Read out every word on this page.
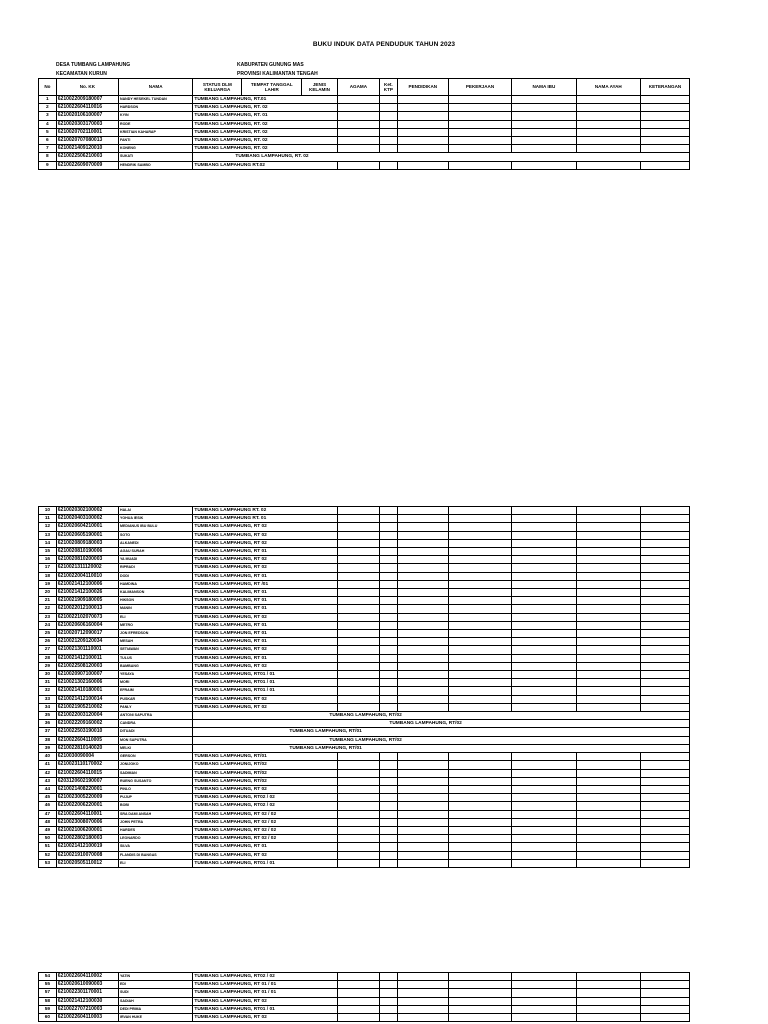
BUKU INDUK DATA PENDUDUK TAHUN 2023
DESA TUMBANG LAMPAHUNG
KECAMATAN KURUN
KABUPATEN GUNUNG MAS
PROVINSI KALIMANTAN TENGAH
No	No. KK	NAMA	STATUS DLM KELUARGA	TEMPAT TANGGAL LAHIR	JENIS KELAMIN	AGAMA	Ket. KTP	PENDIDIKAN	PEKERJAAN	NAMA IBU	NAMA AYAH	KETERANGAN
1	6210022009180007	NANDY HESEKEL TUNDAN	TUMBANG LAMPAHUNG, RT.01									
2	6210022604110016	HARDSON	TUMBANG LAMPAHUNG, RT. 02									
3	6210020106100007	KYIN	TUMBANG LAMPAHUNG, RT. 01									
4	6210020303170003	RODE	TUMBANG LAMPAHUNG, RT. 02									
5	6210020702110001	KRISTIAN KAHARAP	TUMBANG LAMPAHUNG, RT. 02									
6	6210020707080013	FANTI	TUMBANG LAMPAHUNG, RT. 02									
7	6210021409120010	KONENG	TUMBANG LAMPAHUNG, RT. 02									
8	6210022506210003	SUKATI	TUMBANG LAMPAHUNG, RT. 02									

9	6210022609070009	HENDRIK SAMBO	TUMBANG LAMPAHUNG RT.02									
10	6210020302100002	HALAI	TUMBANG LAMPAHUNG RT. 02							
11	6210020403100002	YOHUA IESIK	TUMBANG LAMPAHUNG RT. 01							
12	6210020604210001	MEDIANUS IBU BULU	TUMBANG LAMPAHUNG, RT 02							
13	6210020605190001	SOTO	TUMBANG LAMPAHUNG, RT 02							
14	6210020809180003	ALKANEDI	TUMBANG LAMPAHUNG, RT 02							
15	6210020810190006	AGAU SURAH	TUMBANG LAMPAHUNG, RT 01							
16	6210020810200003	YA MUADI	TUMBANG LAMPAHUNG, RT 02							
17	6210021311120002	RIPRADI	TUMBANG LAMPAHUNG, RT 02							
18	6210022004110010	DODI	TUMBANG LAMPAHUNG, RT 01							
19	6210021412100006	HAMDINA	TUMBANG LAMPAHUNG, RT /01							
20	6210021412100026	KALIMANSON	TUMBANG LAMPAHUNG, RT 01							
21	6210021909180005	HIKSON	TUMBANG LAMPAHUNG, RT 01							
22	6210022012100013	MANIN	TUMBANG LAMPAHUNG, RT 01							
23	6210022102070073	ELI	TUMBANG LAMPAHUNG, RT 02							
24	6210020606160004	METRO	TUMBANG LAMPAHUNG, RT 01							
25	6210020712090017	JON EFREDSON	TUMBANG LAMPAHUNG, RT 01							
26	6210021209120034	MESAH	TUMBANG LAMPAHUNG, RT 01							
27	6210021301110001	SETIAWAN	TUMBANG LAMPAHUNG, RT 02							
28	6210021412100011	TULUS	TUMBANG LAMPAHUNG, RT 01							
29	6210022508120003	BAMBANG	TUMBANG LAMPAHUNG, RT 02							
30	6210020907100007	YESAYA	TUMBANG LAMPAHUNG, RT01 / 01							
31	6210021302160006	MORI	TUMBANG LAMPAHUNG, RT01 / 01							
32	6210021410180001	EFRAIM	TUMBANG LAMPAHUNG, RT01 / 01							
33	6210021412100014	PUSKAR	TUMBANG LAMPAHUNG, RT 02							
34	6210021905210002	PANLY	TUMBANG LAMPAHUNG, RT 02							
35	6210022003120004	ANTONI SAPUTRA	TUMBANG LAMPAHUNG, RT/02							

36	6210022209160002	CANDRA	TUMBANG LAMPAHUNG, RT/02							

37	6210022503190010	DITUADI	TUMBANG LAMPAHUNG, RT/01							

38	6210022604110005	MON SAPUTRA	TUMBANG LAMPAHUNG, RT/02							

39	6210022810140020	MELKI	TUMBANG LAMPAHUNG, RT/01							

40	6210030090004	GERSON	TUMBANG LAMPAHUNG, RT/01							
41	6210023110170002	JONIJOKO	TUMBANG LAMPAHUNG, RT/02							
42	6210022604110015	SADIMAN	TUMBANG LAMPAHUNG, RT/02							
43	6203120602190007	RUENG SUSANTO	TUMBANG LAMPAHUNG, RT/02							
44	6210021408220001	PINLO	TUMBANG LAMPAHUNG, RT 02							
45	6210023005220009	PUJUP	TUMBANG LAMPAHUNG, RT02 / 02							
46	6210022006220001	BOBI	TUMBANG LAMPAHUNG, RT02 / 02							
47	6210022604110001	SRA DAMI ANSAH	TUMBANG LAMPAHUNG, RT 02 / 02							
48	6210023008070006	JOHN PETRA	TUMBANG LAMPAHUNG, RT 02 / 02							
49	6210021006200001	HARDES	TUMBANG LAMPAHUNG, RT 02 / 02							
50	6210022802180003	LEONARDO	TUMBANG LAMPAHUNG, RT 02 / 02							
51	6210021412100019	SILVA	TUMBANG LAMPAHUNG, RT 01							
52	6210021910070008	FLANDIS DI BANGAS	TUMBANG LAMPAHUNG, RT 02							
53	6210020505110012	ELI	TUMBANG LAMPAHUNG, RT01 / 01							
54	6210022604110002	YATIN	TUMBANG LAMPAHUNG, RT02 / 02							
55	6210020610090003	EDI	TUMBANG LAMPAHUNG, RT 01 / 01							
57	6210022301170001	SUDI	TUMBANG LAMPAHUNG, RT 01 / 01							
58	6210021412100030	SADIAH	TUMBANG LAMPAHUNG, RT 02							
59	6210022707210003	DEDI PRIMA	TUMBANG LAMPAHUNG, RT01 / 01							
60	6210022604110003	IRVAN HUKE	TUMBANG LAMPAHUNG, RT 02							
